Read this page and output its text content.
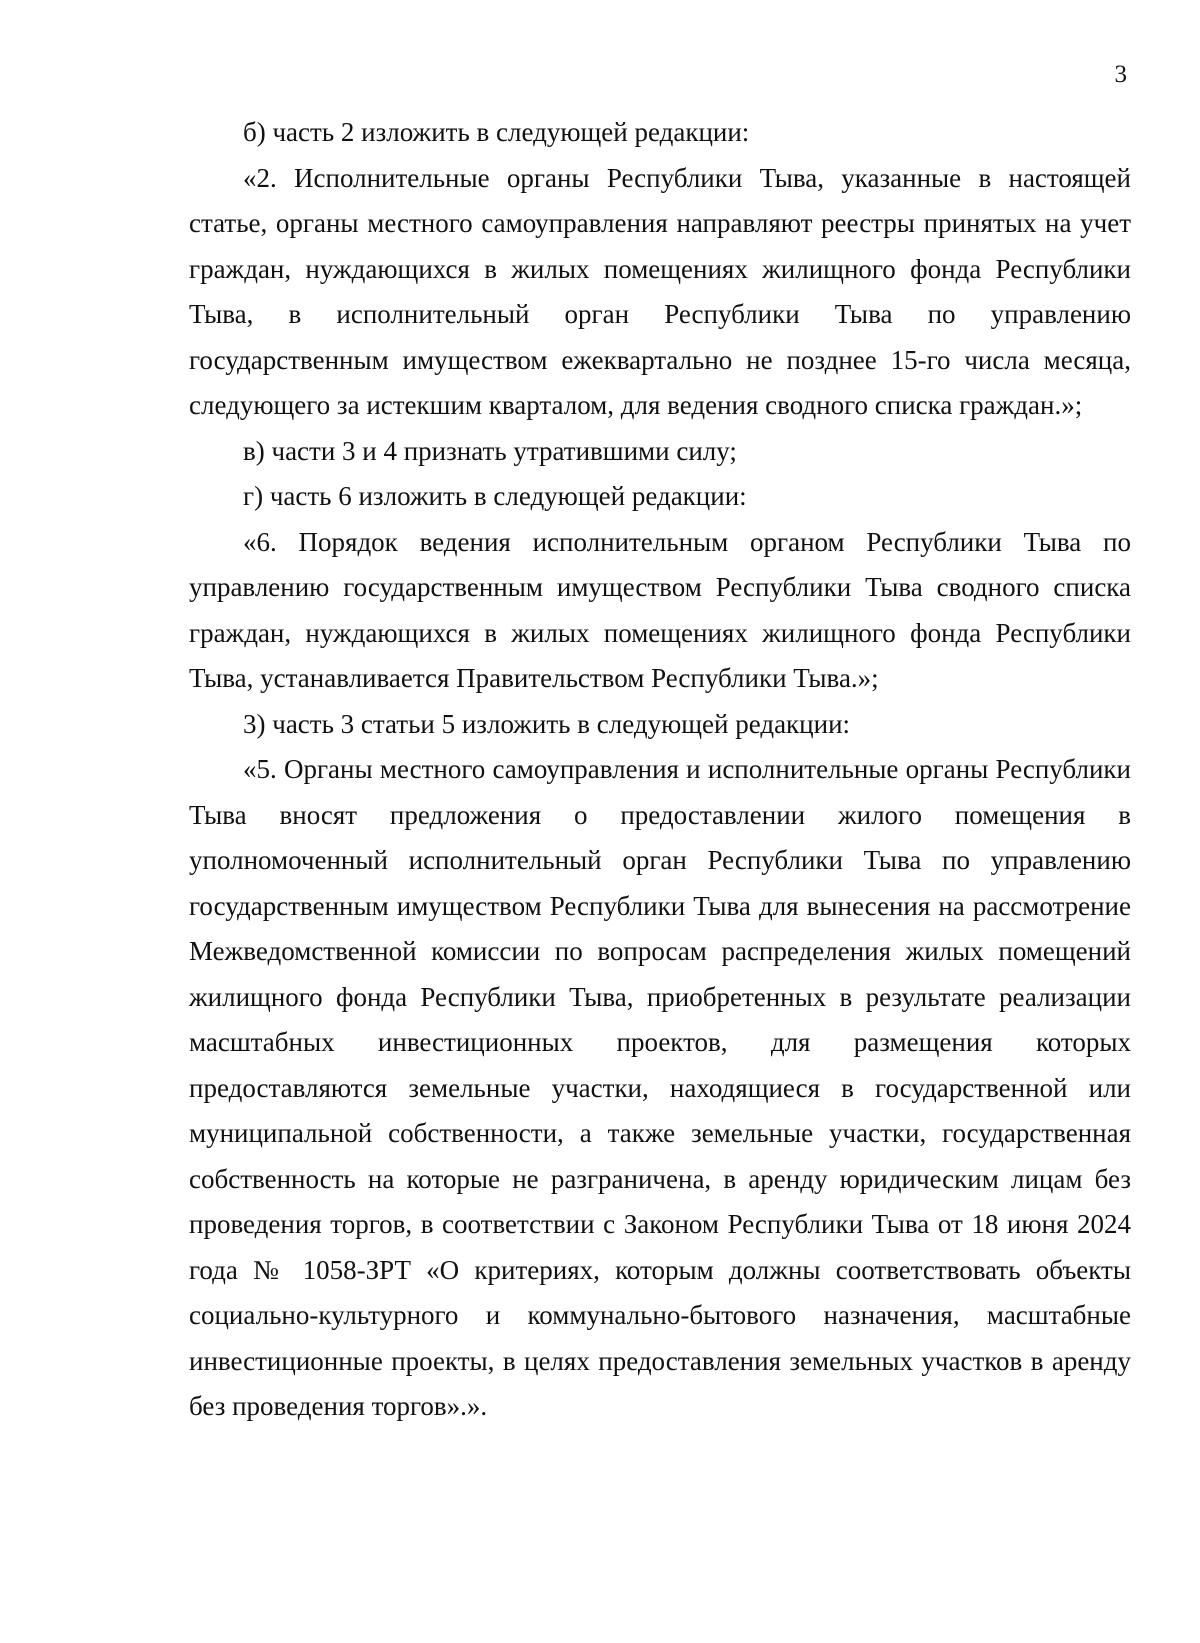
3

б) часть 2 изложить в следующей редакции:

«2. Исполнительные органы Республики Тыва, указанные в настоящей статье, органы местного самоуправления направляют реестры принятых на учет граждан, нуждающихся в жилых помещениях жилищного фонда Республики Тыва, в исполнительный орган Республики Тыва по управлению государственным имуществом ежеквартально не позднее 15-го числа месяца, следующего за истекшим кварталом, для ведения сводного списка граждан.»;

в) части 3 и 4 признать утратившими силу;

г) часть 6 изложить в следующей редакции:

«6. Порядок ведения исполнительным органом Республики Тыва по управлению государственным имуществом Республики Тыва сводного списка граждан, нуждающихся в жилых помещениях жилищного фонда Республики Тыва, устанавливается Правительством Республики Тыва.»;

3) часть 3 статьи 5 изложить в следующей редакции:

«5. Органы местного самоуправления и исполнительные органы Республики Тыва вносят предложения о предоставлении жилого помещения в уполномоченный исполнительный орган Республики Тыва по управлению государственным имуществом Республики Тыва для вынесения на рассмотрение Межведомственной комиссии по вопросам распределения жилых помещений жилищного фонда Республики Тыва, приобретенных в результате реализации масштабных инвестиционных проектов, для размещения которых предоставляются земельные участки, находящиеся в государственной или муниципальной собственности, а также земельные участки, государственная собственность на которые не разграничена, в аренду юридическим лицам без проведения торгов, в соответствии с Законом Республики Тыва от 18 июня 2024 года № 1058-ЗРТ «О критериях, которым должны соответствовать объекты социально-культурного и коммунально-бытового назначения, масштабные инвестиционные проекты, в целях предоставления земельных участков в аренду без проведения торгов».».
